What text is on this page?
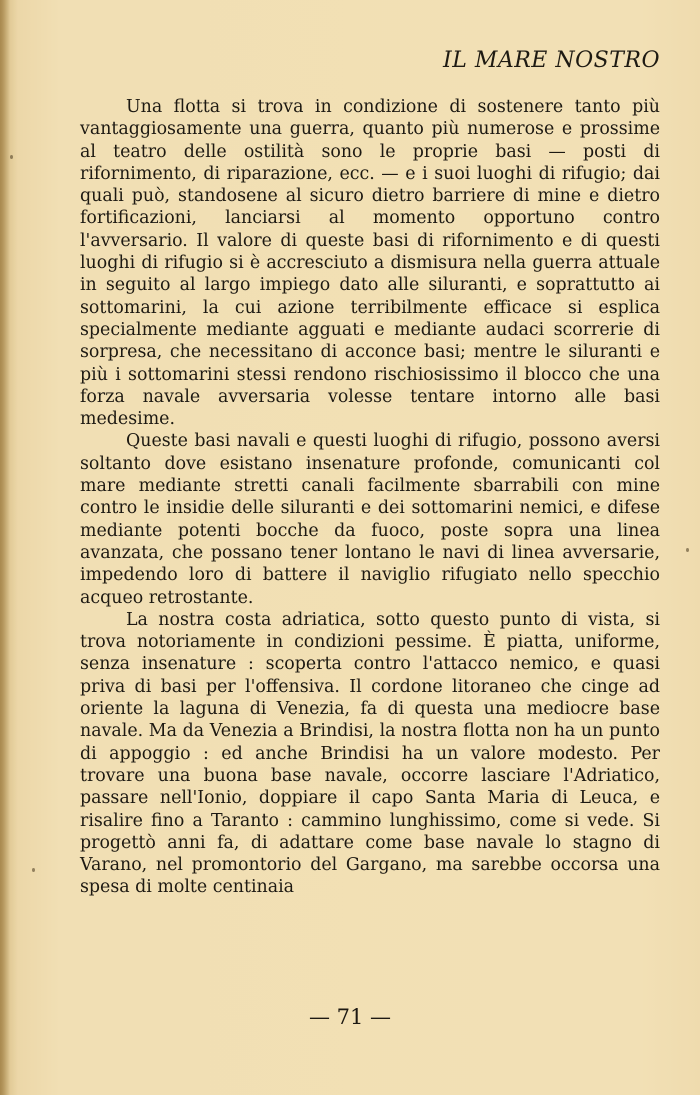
IL MARE NOSTRO

Una flotta si trova in condizione di sostenere tanto più vantaggiosamente una guerra, quanto più numerose e prossime al teatro delle ostilità sono le proprie basi — posti di rifornimento, di riparazione, ecc. — e i suoi luoghi di rifugio; dai quali può, standosene al sicuro dietro barriere di mine e dietro fortificazioni, lanciarsi al momento opportuno contro l'avversario. Il valore di queste basi di rifornimento e di questi luoghi di rifugio si è accresciuto a dismisura nella guerra attuale in seguito al largo impiego dato alle siluranti, e soprattutto ai sottomarini, la cui azione terribilmente efficace si esplica specialmente mediante agguati e mediante audaci scorrerie di sorpresa, che necessitano di acconce basi; mentre le siluranti e più i sottomarini stessi rendono rischiosissimo il blocco che una forza navale avversaria volesse tentare intorno alle basi medesime.

Queste basi navali e questi luoghi di rifugio, possono aversi soltanto dove esistano insenature profonde, comunicanti col mare mediante stretti canali facilmente sbarrabili con mine contro le insidie delle siluranti e dei sottomarini nemici, e difese mediante potenti bocche da fuoco, poste sopra una linea avanzata, che possano tener lontano le navi di linea avversarie, impedendo loro di battere il naviglio rifugiato nello specchio acqueo retrostante.

La nostra costa adriatica, sotto questo punto di vista, si trova notoriamente in condizioni pessime. È piatta, uniforme, senza insenature : scoperta contro l'attacco nemico, e quasi priva di basi per l'offensiva. Il cordone litoraneo che cinge ad oriente la laguna di Venezia, fa di questa una mediocre base navale. Ma da Venezia a Brindisi, la nostra flotta non ha un punto di appoggio : ed anche Brindisi ha un valore modesto. Per trovare una buona base navale, occorre lasciare l'Adriatico, passare nell'Ionio, doppiare il capo Santa Maria di Leuca, e risalire fino a Taranto : cammino lunghissimo, come si vede. Si progettò anni fa, di adattare come base navale lo stagno di Varano, nel promontorio del Gargano, ma sarebbe occorsa una spesa di molte centinaia

— 71 —
